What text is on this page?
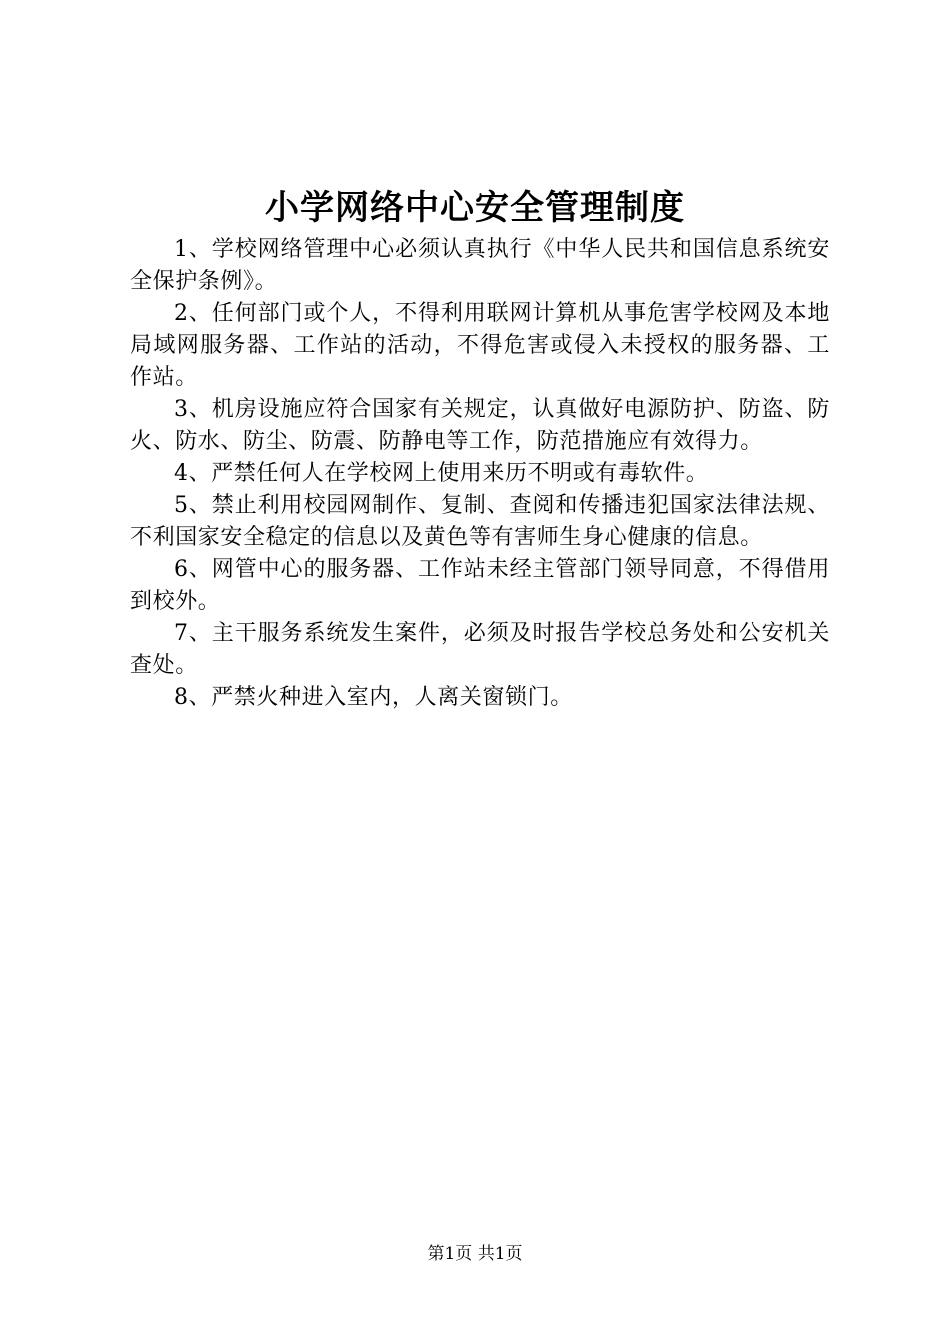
小学网络中心安全管理制度

1、学校网络管理中心必须认真执行《中华人民共和国信息系统安全保护条例》。

2、任何部门或个人，不得利用联网计算机从事危害学校网及本地局域网服务器、工作站的活动，不得危害或侵入未授权的服务器、工作站。

3、机房设施应符合国家有关规定，认真做好电源防护、防盗、防火、防水、防尘、防震、防静电等工作，防范措施应有效得力。

4、严禁任何人在学校网上使用来历不明或有毒软件。

5、禁止利用校园网制作、复制、查阅和传播违犯国家法律法规、不利国家安全稳定的信息以及黄色等有害师生身心健康的信息。

6、网管中心的服务器、工作站未经主管部门领导同意，不得借用到校外。

7、主干服务系统发生案件，必须及时报告学校总务处和公安机关查处。

8、严禁火种进入室内，人离关窗锁门。

第1页 共1页
